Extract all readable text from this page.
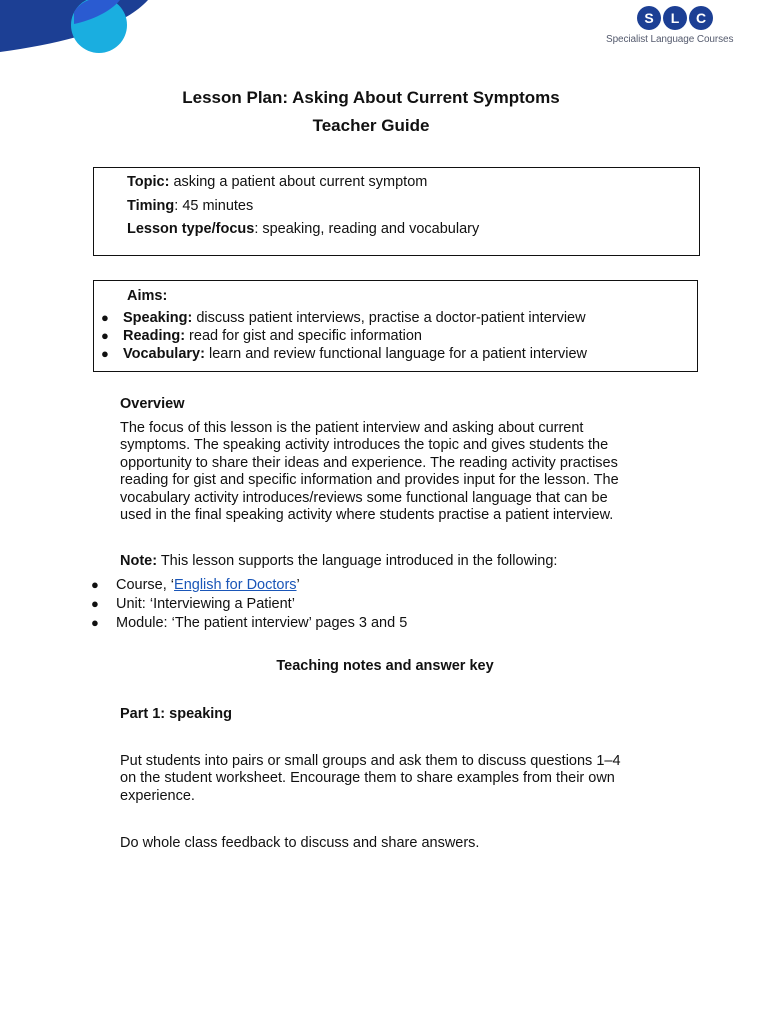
S	L	C
Specialist Language Courses
Lesson Plan: Asking About Current Symptoms
Teacher Guide
Topic: asking a patient about current symptom
Timing: 45 minutes
Lesson type/focus: speaking, reading and vocabulary
Aims:
● Speaking: discuss patient interviews, practise a doctor-patient interview
● Reading: read for gist and specific information
● Vocabulary: learn and review functional language for a patient interview
Overview
The focus of this lesson is the patient interview and asking about current
symptoms. The speaking activity introduces the topic and gives students the
opportunity to share their ideas and experience. The reading activity practises
reading for gist and specific information and provides input for the lesson. The
vocabulary activity introduces/reviews some functional language that can be
used in the final speaking activity where students practise a patient interview.
Note: This lesson supports the language introduced in the following:
● Course, ‘English for Doctors’
● Unit: ‘Interviewing a Patient’
● Module: ‘The patient interview’ pages 3 and 5
Teaching notes and answer key
Part 1: speaking
Put students into pairs or small groups and ask them to discuss questions 1–4
on the student worksheet. Encourage them to share examples from their own
experience.
Do whole class feedback to discuss and share answers.
